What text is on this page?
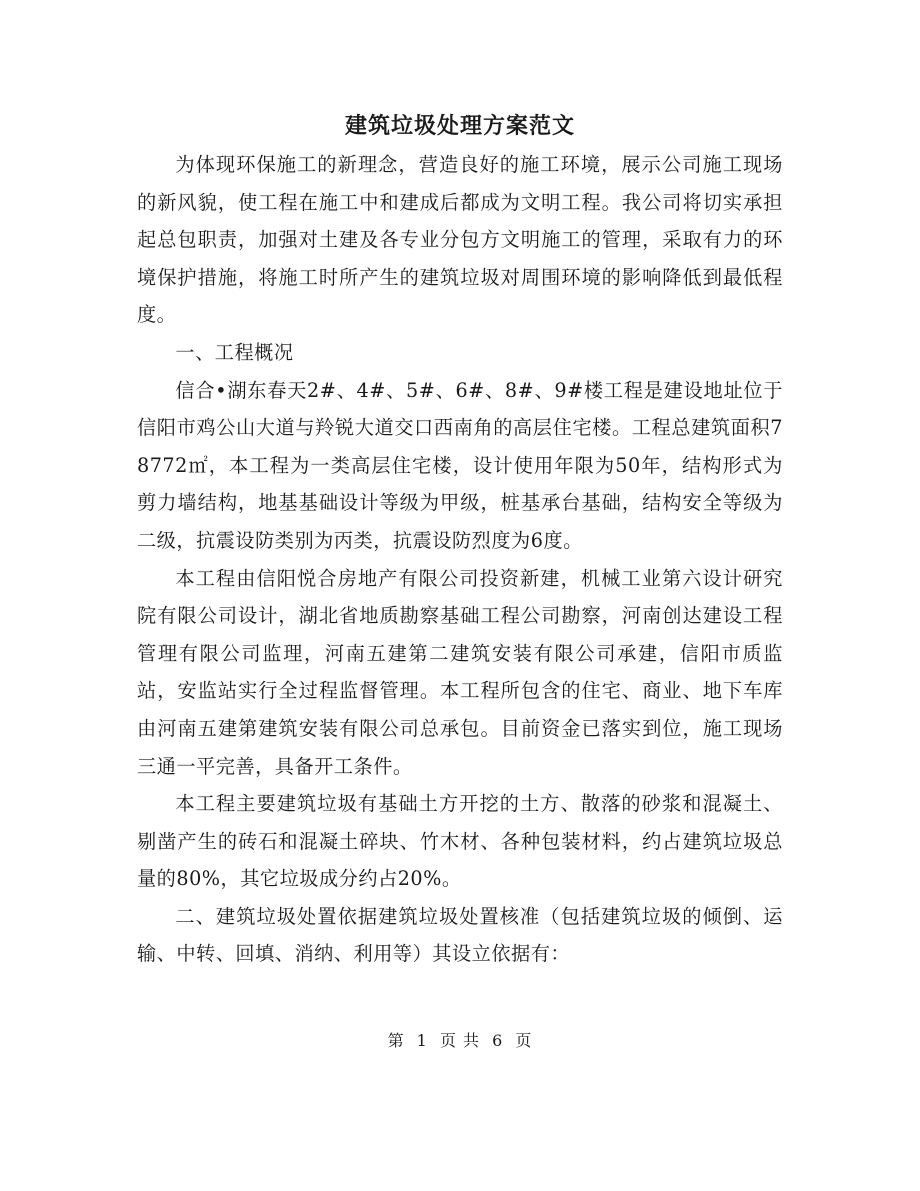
建筑垃圾处理方案范文

为体现环保施工的新理念，营造良好的施工环境，展示公司施工现场的新风貌，使工程在施工中和建成后都成为文明工程。我公司将切实承担起总包职责，加强对土建及各专业分包方文明施工的管理，采取有力的环境保护措施，将施工时所产生的建筑垃圾对周围环境的影响降低到最低程度。

一、工程概况

信合•湖东春天2#、4#、5#、6#、8#、9#楼工程是建设地址位于信阳市鸡公山大道与羚锐大道交口西南角的高层住宅楼。工程总建筑面积78772㎡，本工程为一类高层住宅楼，设计使用年限为50年，结构形式为剪力墙结构，地基基础设计等级为甲级，桩基承台基础，结构安全等级为二级，抗震设防类别为丙类，抗震设防烈度为6度。

本工程由信阳悦合房地产有限公司投资新建，机械工业第六设计研究院有限公司设计，湖北省地质勘察基础工程公司勘察，河南创达建设工程管理有限公司监理，河南五建第二建筑安装有限公司承建，信阳市质监站，安监站实行全过程监督管理。本工程所包含的住宅、商业、地下车库由河南五建第建筑安装有限公司总承包。目前资金已落实到位，施工现场三通一平完善，具备开工条件。

本工程主要建筑垃圾有基础土方开挖的土方、散落的砂浆和混凝土、剔凿产生的砖石和混凝土碎块、竹木材、各种包装材料，约占建筑垃圾总量的80%，其它垃圾成分约占20%。

二、建筑垃圾处置依据建筑垃圾处置核准（包括建筑垃圾的倾倒、运输、中转、回填、消纳、利用等）其设立依据有：

第 1 页 共 6 页
